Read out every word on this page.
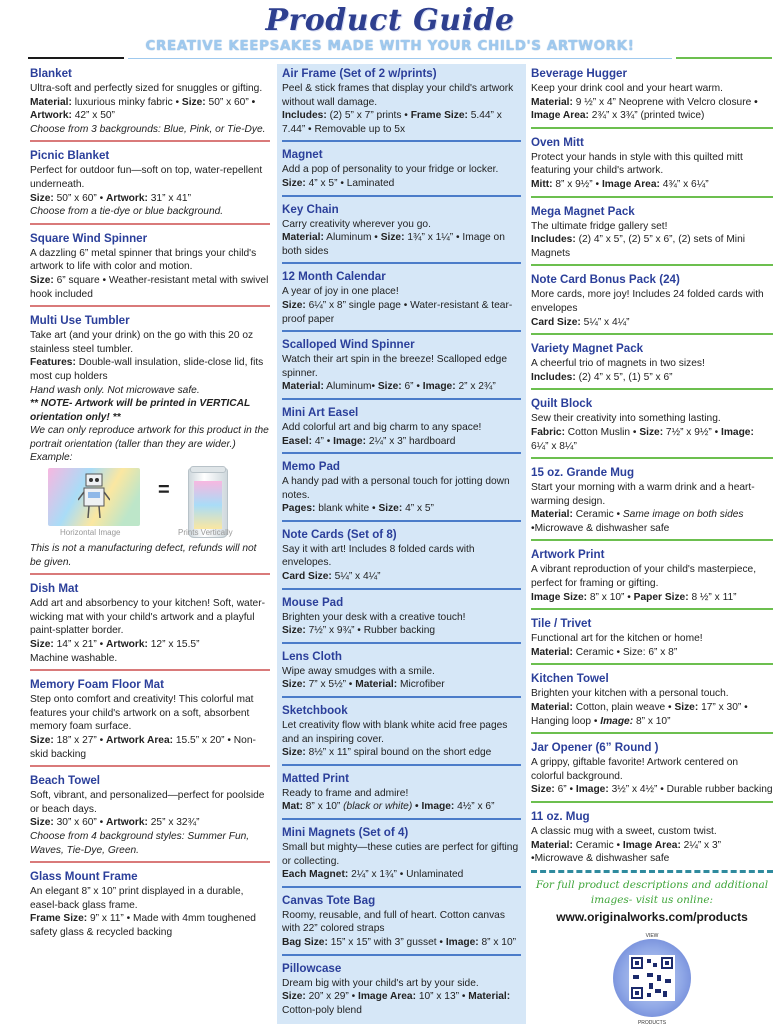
Product Guide
CREATIVE KEEPSAKES MADE WITH YOUR CHILD'S ARTWORK!
Blanket
Ultra-soft and perfectly sized for snuggles or gifting.
Material: luxurious minky fabric • Size: 50” x 60” • Artwork: 42” x 50”
Choose from 3 backgrounds: Blue, Pink, or Tie-Dye.
Picnic Blanket
Perfect for outdoor fun—soft on top, water-repellent underneath.
Size: 50” x 60” • Artwork: 31” x 41”
Choose from a tie-dye or blue background.
Square Wind Spinner
A dazzling 6” metal spinner that brings your child's artwork to life with color and motion.
Size: 6” square • Weather-resistant metal with swivel hook included
Multi Use Tumbler
Take art (and your drink) on the go with this 20 oz stainless steel tumbler.
Features: Double-wall insulation, slide-close lid, fits most cup holders
Hand wash only. Not microwave safe.
** NOTE- Artwork will be printed in VERTICAL orientation only! **
We can only reproduce artwork for this product in the portrait orientation (taller than they are wider.) Example:
=
Horizontal Image	Prints Vertically
This is not a manufacturing defect, refunds will not be given.
Dish Mat
Add art and absorbency to your kitchen! Soft, water-wicking mat with your child's artwork and a playful paint-splatter border.
Size: 14” x 21” • Artwork: 12” x 15.5”
Machine washable.
Memory Foam Floor Mat
Step onto comfort and creativity! This colorful mat features your child's artwork on a soft, absorbent memory foam surface.
Size: 18” x 27” • Artwork Area: 15.5” x 20” • Non-skid backing
Beach Towel
Soft, vibrant, and personalized—perfect for poolside or beach days.
Size: 30” x 60” • Artwork: 25” x 32¾”
Choose from 4 background styles: Summer Fun, Waves, Tie-Dye, Green.
Glass Mount Frame
An elegant 8” x 10” print displayed in a durable, easel-back glass frame.
Frame Size: 9” x 11” • Made with 4mm toughened safety glass & recycled backing
Air Frame (Set of 2 w/prints)
Peel & stick frames that display your child's artwork without wall damage.
Includes: (2) 5” x 7” prints • Frame Size: 5.44” x 7.44” • Removable up to 5x
Magnet
Add a pop of personality to your fridge or locker.
Size: 4” x 5” • Laminated
Key Chain
Carry creativity wherever you go.
Material: Aluminum • Size: 1¾” x 1¼” • Image on both sides
12 Month Calendar
A year of joy in one place!
Size: 6¼” x 8” single page • Water-resistant & tear-proof paper
Scalloped Wind Spinner
Watch their art spin in the breeze! Scalloped edge spinner.
Material: Aluminum• Size: 6” • Image: 2” x 2¾”
Mini Art Easel
Add colorful art and big charm to any space!
Easel: 4” • Image: 2¼” x 3” hardboard
Memo Pad
A handy pad with a personal touch for jotting down notes.
Pages: blank white • Size: 4” x 5”
Note Cards (Set of 8)
Say it with art! Includes 8 folded cards with envelopes.
Card Size: 5¼” x 4¼”
Mouse Pad
Brighten your desk with a creative touch!
Size: 7½” x 9¾” • Rubber backing
Lens Cloth
Wipe away smudges with a smile.
Size: 7” x 5½” • Material: Microfiber
Sketchbook
Let creativity flow with blank white acid free pages and an inspiring cover.
Size: 8½” x 11” spiral bound on the short edge
Matted Print
Ready to frame and admire!
Mat: 8” x 10” (black or white) • Image: 4½” x 6”
Mini Magnets (Set of 4)
Small but mighty—these cuties are perfect for gifting or collecting.
Each Magnet: 2¼” x 1¾” • Unlaminated
Canvas Tote Bag
Roomy, reusable, and full of heart. Cotton canvas with 22” colored straps
Bag Size: 15” x 15” with 3” gusset • Image: 8” x 10”
Pillowcase
Dream big with your child's art by your side.
Size: 20” x 29” • Image Area: 10” x 13” • Material: Cotton-poly blend
Beverage Hugger
Keep your drink cool and your heart warm.
Material: 9 ½” x 4” Neoprene with Velcro closure • Image Area: 2¾” x 3¾” (printed twice)
Oven Mitt
Protect your hands in style with this quilted mitt featuring your child's artwork.
Mitt: 8” x 9½” • Image Area: 4¾” x 6¼”
Mega Magnet Pack
The ultimate fridge gallery set!
Includes: (2) 4” x 5”, (2) 5” x 6”, (2) sets of Mini Magnets
Note Card Bonus Pack (24)
More cards, more joy! Includes 24 folded cards with envelopes
Card Size: 5¼” x 4¼”
Variety Magnet Pack
A cheerful trio of magnets in two sizes!
Includes: (2) 4” x 5”, (1) 5” x 6”
Quilt Block
Sew their creativity into something lasting.
Fabric: Cotton Muslin • Size: 7½” x 9½” • Image: 6¼” x 8¼”
15 oz. Grande Mug
Start your morning with a warm drink and a heart-warming design.
Material: Ceramic • Same image on both sides
•Microwave & dishwasher safe
Artwork Print
A vibrant reproduction of your child's masterpiece, perfect for framing or gifting.
Image Size: 8” x 10” • Paper Size: 8 ½” x 11”
Tile / Trivet
Functional art for the kitchen or home!
Material: Ceramic • Size: 6” x 8”
Kitchen Towel
Brighten your kitchen with a personal touch.
Material: Cotton, plain weave • Size: 17” x 30” • Hanging loop • Image: 8” x 10”
Jar Opener (6” Round )
A grippy, giftable favorite! Artwork centered on colorful background.
Size: 6” • Image: 3½” x 4½” • Durable rubber backing
11 oz. Mug
A classic mug with a sweet, custom twist.
Material: Ceramic • Image Area: 2¼” x 3” •Microwave & dishwasher safe
For full product descriptions and additional images- visit us online:
www.originalworks.com/products
VIEW
PRODUCTS
